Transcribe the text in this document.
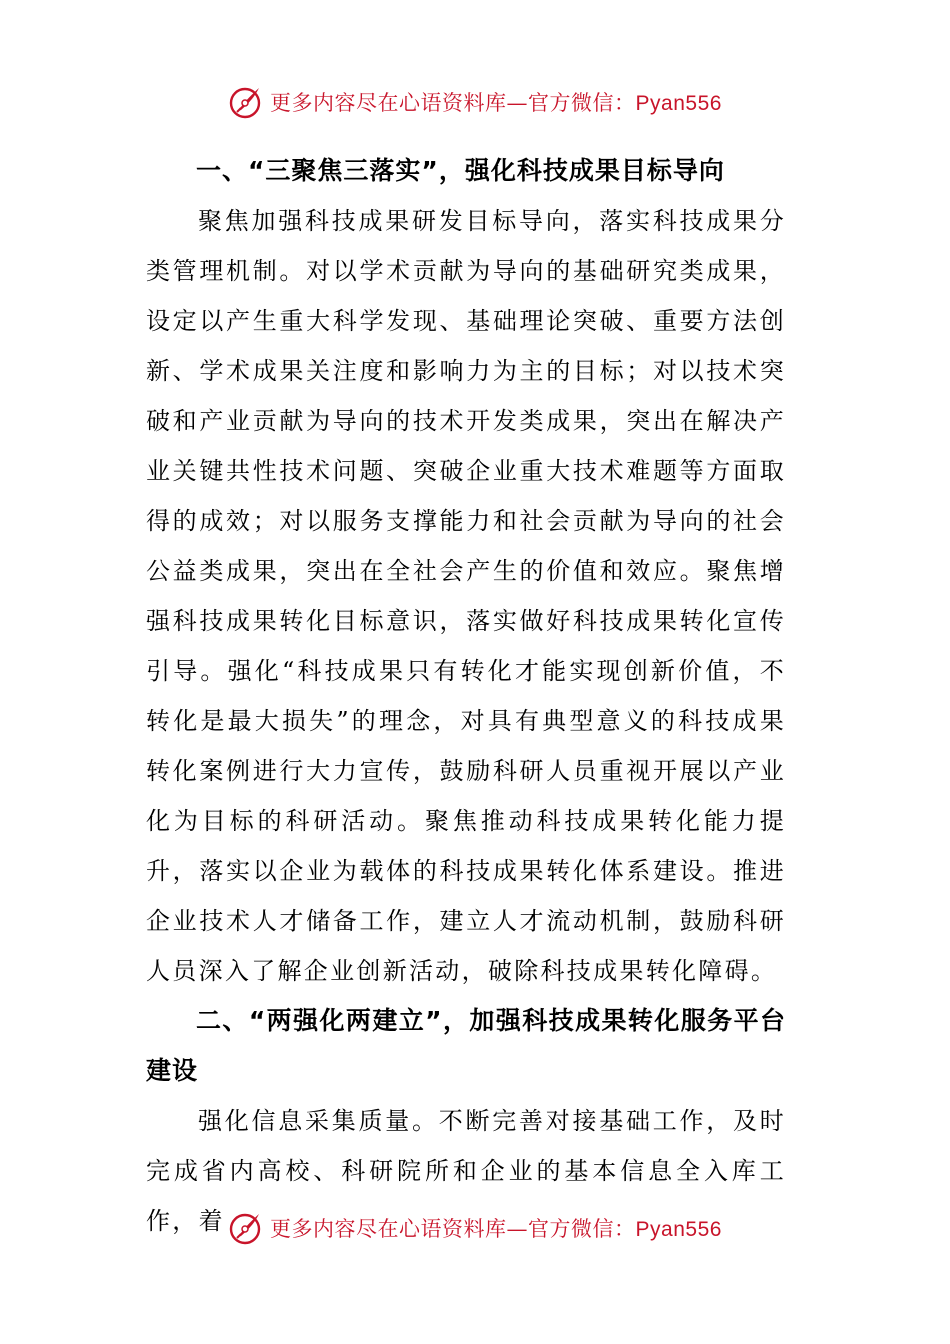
更多内容尽在心语资料库—官方微信：Pyan556

一、“三聚焦三落实”，强化科技成果目标导向

聚焦加强科技成果研发目标导向，落实科技成果分类管理机制。对以学术贡献为导向的基础研究类成果，设定以产生重大科学发现、基础理论突破、重要方法创新、学术成果关注度和影响力为主的目标；对以技术突破和产业贡献为导向的技术开发类成果，突出在解决产业关键共性技术问题、突破企业重大技术难题等方面取得的成效；对以服务支撑能力和社会贡献为导向的社会公益类成果，突出在全社会产生的价值和效应。聚焦增强科技成果转化目标意识，落实做好科技成果转化宣传引导。强化“科技成果只有转化才能实现创新价值，不转化是最大损失”的理念，对具有典型意义的科技成果转化案例进行大力宣传，鼓励科研人员重视开展以产业化为目标的科研活动。聚焦推动科技成果转化能力提升，落实以企业为载体的科技成果转化体系建设。推进企业技术人才储备工作，建立人才流动机制，鼓励科研人员深入了解企业创新活动，破除科技成果转化障碍。

二、“两强化两建立”，加强科技成果转化服务平台建设

强化信息采集质量。不断完善对接基础工作，及时完成省内高校、科研院所和企业的基本信息全入库工作，着	更多内容尽在心语资料库—官方微信：Pyan556
